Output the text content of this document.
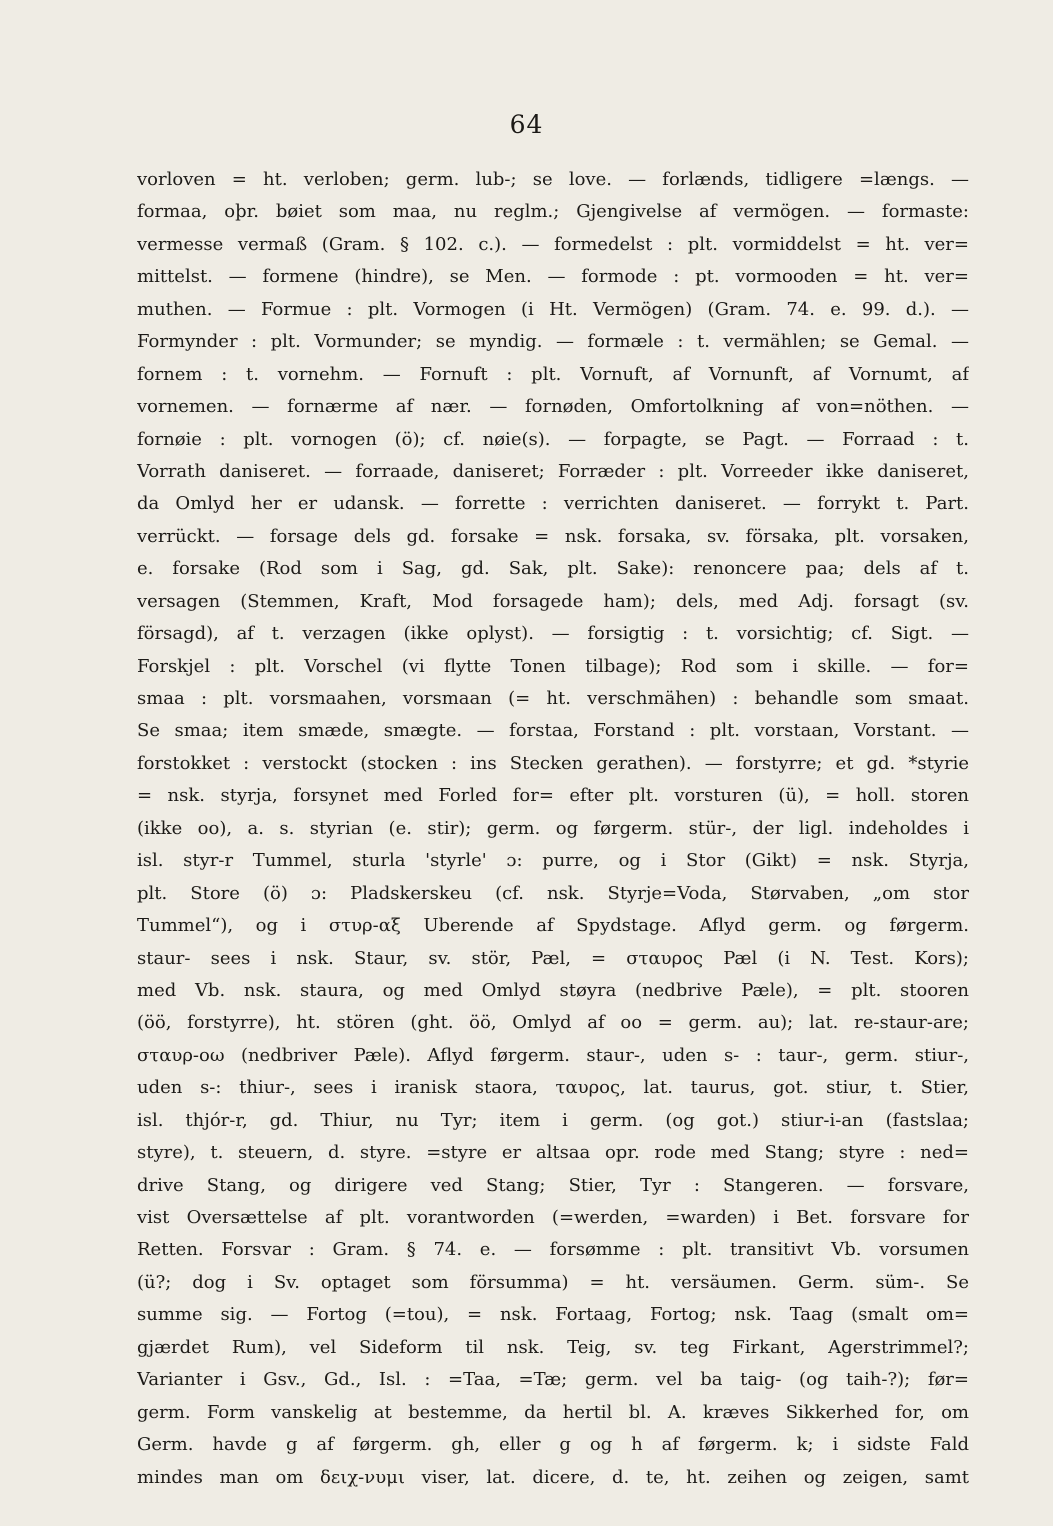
64
vorloven = ht. verloben; germ. lub-; se love. — forlænds, tidligere =længs. —
formaa, oþr. bøiet som maa, nu reglm.; Gjengivelse af vermögen. — formaste:
vermesse vermaß (Gram. § 102. c.). — formedelst : plt. vormiddelst = ht. ver=
mittelst. — formene (hindre), se Men. — formode : pt. vormooden = ht. ver=
muthen. — Formue : plt. Vormogen (i Ht. Vermögen) (Gram. 74. e. 99. d.). —
Formynder : plt. Vormunder; se myndig. — formæle : t. vermählen; se Gemal. —
fornem : t. vornehm. — Fornuft : plt. Vornuft, af Vornunft, af Vornumt, af
vornemen. — fornærme af nær. — fornøden, Omfortolkning af von=nöthen. —
fornøie : plt. vornogen (ö); cf. nøie(s). — forpagte, se Pagt. — Forraad : t.
Vorrath daniseret. — forraade, daniseret; Forræder : plt. Vorreeder ikke daniseret,
da Omlyd her er udansk. — forrette : verrichten daniseret. — forrykt t. Part.
verrückt. — forsage dels gd. forsake = nsk. forsaka, sv. försaka, plt. vorsaken,
e. forsake (Rod som i Sag, gd. Sak, plt. Sake): renoncere paa; dels af t.
versagen (Stemmen, Kraft, Mod forsagede ham); dels, med Adj. forsagt (sv.
försagd), af t. verzagen (ikke oplyst). — forsigtig : t. vorsichtig; cf. Sigt. —
Forskjel : plt. Vorschel (vi flytte Tonen tilbage); Rod som i skille. — for=
smaa : plt. vorsmaahen, vorsmaan (= ht. verschmähen) : behandle som smaat.
Se smaa; item smæde, smægte. — forstaa, Forstand : plt. vorstaan, Vorstant. —
forstokket : verstockt (stocken : ins Stecken gerathen). — forstyrre; et gd. *styrie
= nsk. styrja, forsynet med Forled for= efter plt. vorsturen (ü), = holl. storen
(ikke oo), a. s. styrian (e. stir); germ. og førgerm. stür-, der ligl. indeholdes i
isl. styr-r Tummel, sturla 'styrle' ɔ: purre, og i Stor (Gikt) = nsk. Styrja,
plt. Store (ö) ɔ: Pladskerskeu (cf. nsk. Styrje=Voda, Størvaben, „om stor
Tummel“), og i στυρ-αξ Uberende af Spydstage. Aflyd germ. og førgerm.
staur- sees i nsk. Staur, sv. stör, Pæl, = σταυρος Pæl (i N. Test. Kors);
med Vb. nsk. staura, og med Omlyd støyra (nedbrive Pæle), = plt. stooren
(öö, forstyrre), ht. stören (ght. öö, Omlyd af oo = germ. au); lat. re-staur-are;
σταυρ-οω (nedbriver Pæle). Aflyd førgerm. staur-, uden s- : taur-, germ. stiur-,
uden s-: thiur-, sees i iranisk staora, ταυρος, lat. taurus, got. stiur, t. Stier,
isl. thjór-r, gd. Thiur, nu Tyr; item i germ. (og got.) stiur-i-an (fastslaa;
styre), t. steuern, d. styre. =styre er altsaa opr. rode med Stang; styre : ned=
drive Stang, og dirigere ved Stang; Stier, Tyr : Stangeren. — forsvare,
vist Oversættelse af plt. vorantworden (=werden, =warden) i Bet. forsvare for
Retten. Forsvar : Gram. § 74. e. — forsømme : plt. transitivt Vb. vorsumen
(ü?; dog i Sv. optaget som försumma) = ht. versäumen. Germ. süm-. Se
summe sig. — Fortog (=tou), = nsk. Fortaag, Fortog; nsk. Taag (smalt om=
gjærdet Rum), vel Sideform til nsk. Teig, sv. teg Firkant, Agerstrimmel?;
Varianter i Gsv., Gd., Isl. : =Taa, =Tæ; germ. vel ba taig- (og taih-?); før=
germ. Form vanskelig at bestemme, da hertil bl. A. kræves Sikkerhed for, om
Germ. havde g af førgerm. gh, eller g og h af førgerm. k; i sidste Fald
mindes man om δειχ-νυμι viser, lat. dicere, d. te, ht. zeihen og zeigen, samt
